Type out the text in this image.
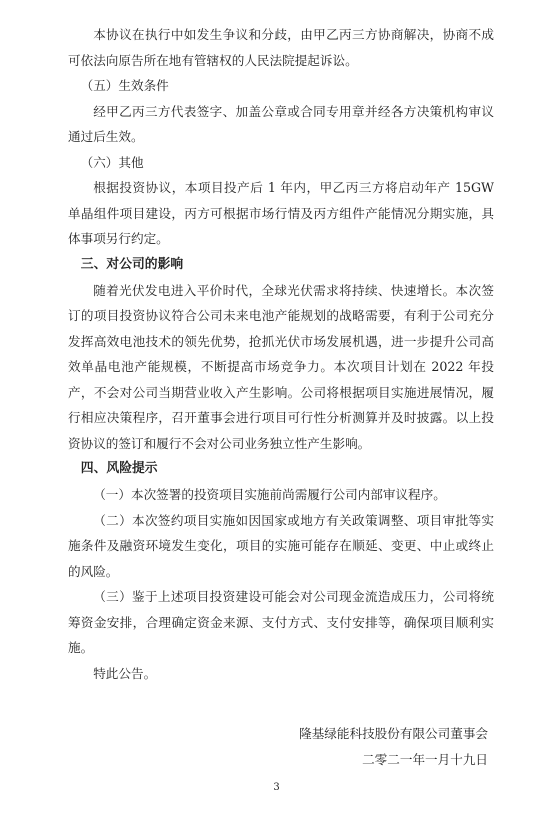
本协议在执行中如发生争议和分歧，由甲乙丙三方协商解决，协商不成可依法向原告所在地有管辖权的人民法院提起诉讼。

（五）生效条件

经甲乙丙三方代表签字、加盖公章或合同专用章并经各方决策机构审议通过后生效。

（六）其他

根据投资协议，本项目投产后 1 年内，甲乙丙三方将启动年产 15GW 单晶组件项目建设，丙方可根据市场行情及丙方组件产能情况分期实施，具体事项另行约定。

三、对公司的影响

随着光伏发电进入平价时代，全球光伏需求将持续、快速增长。本次签订的项目投资协议符合公司未来电池产能规划的战略需要，有利于公司充分发挥高效电池技术的领先优势，抢抓光伏市场发展机遇，进一步提升公司高效单晶电池产能规模，不断提高市场竞争力。本次项目计划在 2022 年投产，不会对公司当期营业收入产生影响。公司将根据项目实施进展情况，履行相应决策程序，召开董事会进行项目可行性分析测算并及时披露。以上投资协议的签订和履行不会对公司业务独立性产生影响。

四、风险提示

（一）本次签署的投资项目实施前尚需履行公司内部审议程序。

（二）本次签约项目实施如因国家或地方有关政策调整、项目审批等实施条件及融资环境发生变化，项目的实施可能存在顺延、变更、中止或终止的风险。

（三）鉴于上述项目投资建设可能会对公司现金流造成压力，公司将统筹资金安排，合理确定资金来源、支付方式、支付安排等，确保项目顺利实施。

特此公告。

隆基绿能科技股份有限公司董事会

二零二一年一月十九日

3
